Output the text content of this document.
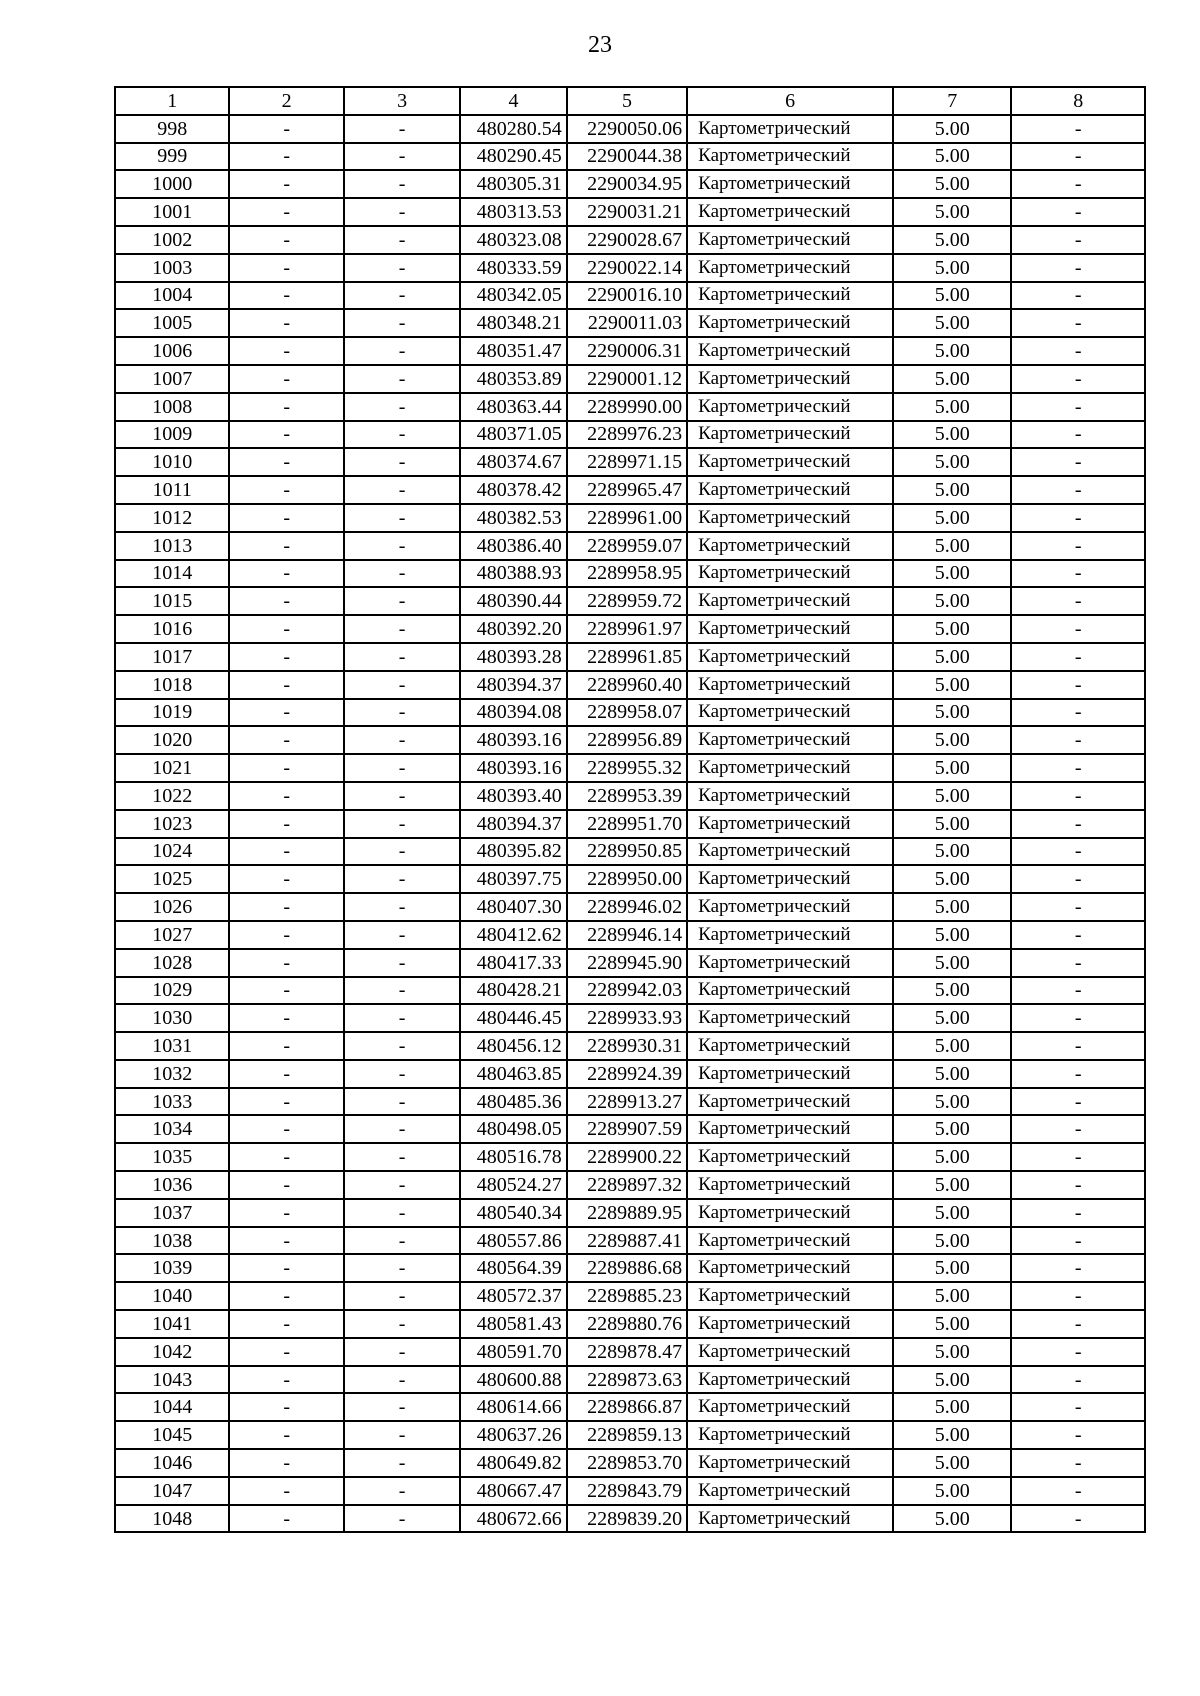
23
1	2	3	4	5	6	7	8
998	-	-	480280.54	2290050.06	Картометрический	5.00	-
999	-	-	480290.45	2290044.38	Картометрический	5.00	-
1000	-	-	480305.31	2290034.95	Картометрический	5.00	-
1001	-	-	480313.53	2290031.21	Картометрический	5.00	-
1002	-	-	480323.08	2290028.67	Картометрический	5.00	-
1003	-	-	480333.59	2290022.14	Картометрический	5.00	-
1004	-	-	480342.05	2290016.10	Картометрический	5.00	-
1005	-	-	480348.21	2290011.03	Картометрический	5.00	-
1006	-	-	480351.47	2290006.31	Картометрический	5.00	-
1007	-	-	480353.89	2290001.12	Картометрический	5.00	-
1008	-	-	480363.44	2289990.00	Картометрический	5.00	-
1009	-	-	480371.05	2289976.23	Картометрический	5.00	-
1010	-	-	480374.67	2289971.15	Картометрический	5.00	-
1011	-	-	480378.42	2289965.47	Картометрический	5.00	-
1012	-	-	480382.53	2289961.00	Картометрический	5.00	-
1013	-	-	480386.40	2289959.07	Картометрический	5.00	-
1014	-	-	480388.93	2289958.95	Картометрический	5.00	-
1015	-	-	480390.44	2289959.72	Картометрический	5.00	-
1016	-	-	480392.20	2289961.97	Картометрический	5.00	-
1017	-	-	480393.28	2289961.85	Картометрический	5.00	-
1018	-	-	480394.37	2289960.40	Картометрический	5.00	-
1019	-	-	480394.08	2289958.07	Картометрический	5.00	-
1020	-	-	480393.16	2289956.89	Картометрический	5.00	-
1021	-	-	480393.16	2289955.32	Картометрический	5.00	-
1022	-	-	480393.40	2289953.39	Картометрический	5.00	-
1023	-	-	480394.37	2289951.70	Картометрический	5.00	-
1024	-	-	480395.82	2289950.85	Картометрический	5.00	-
1025	-	-	480397.75	2289950.00	Картометрический	5.00	-
1026	-	-	480407.30	2289946.02	Картометрический	5.00	-
1027	-	-	480412.62	2289946.14	Картометрический	5.00	-
1028	-	-	480417.33	2289945.90	Картометрический	5.00	-
1029	-	-	480428.21	2289942.03	Картометрический	5.00	-
1030	-	-	480446.45	2289933.93	Картометрический	5.00	-
1031	-	-	480456.12	2289930.31	Картометрический	5.00	-
1032	-	-	480463.85	2289924.39	Картометрический	5.00	-
1033	-	-	480485.36	2289913.27	Картометрический	5.00	-
1034	-	-	480498.05	2289907.59	Картометрический	5.00	-
1035	-	-	480516.78	2289900.22	Картометрический	5.00	-
1036	-	-	480524.27	2289897.32	Картометрический	5.00	-
1037	-	-	480540.34	2289889.95	Картометрический	5.00	-
1038	-	-	480557.86	2289887.41	Картометрический	5.00	-
1039	-	-	480564.39	2289886.68	Картометрический	5.00	-
1040	-	-	480572.37	2289885.23	Картометрический	5.00	-
1041	-	-	480581.43	2289880.76	Картометрический	5.00	-
1042	-	-	480591.70	2289878.47	Картометрический	5.00	-
1043	-	-	480600.88	2289873.63	Картометрический	5.00	-
1044	-	-	480614.66	2289866.87	Картометрический	5.00	-
1045	-	-	480637.26	2289859.13	Картометрический	5.00	-
1046	-	-	480649.82	2289853.70	Картометрический	5.00	-
1047	-	-	480667.47	2289843.79	Картометрический	5.00	-
1048	-	-	480672.66	2289839.20	Картометрический	5.00	-
